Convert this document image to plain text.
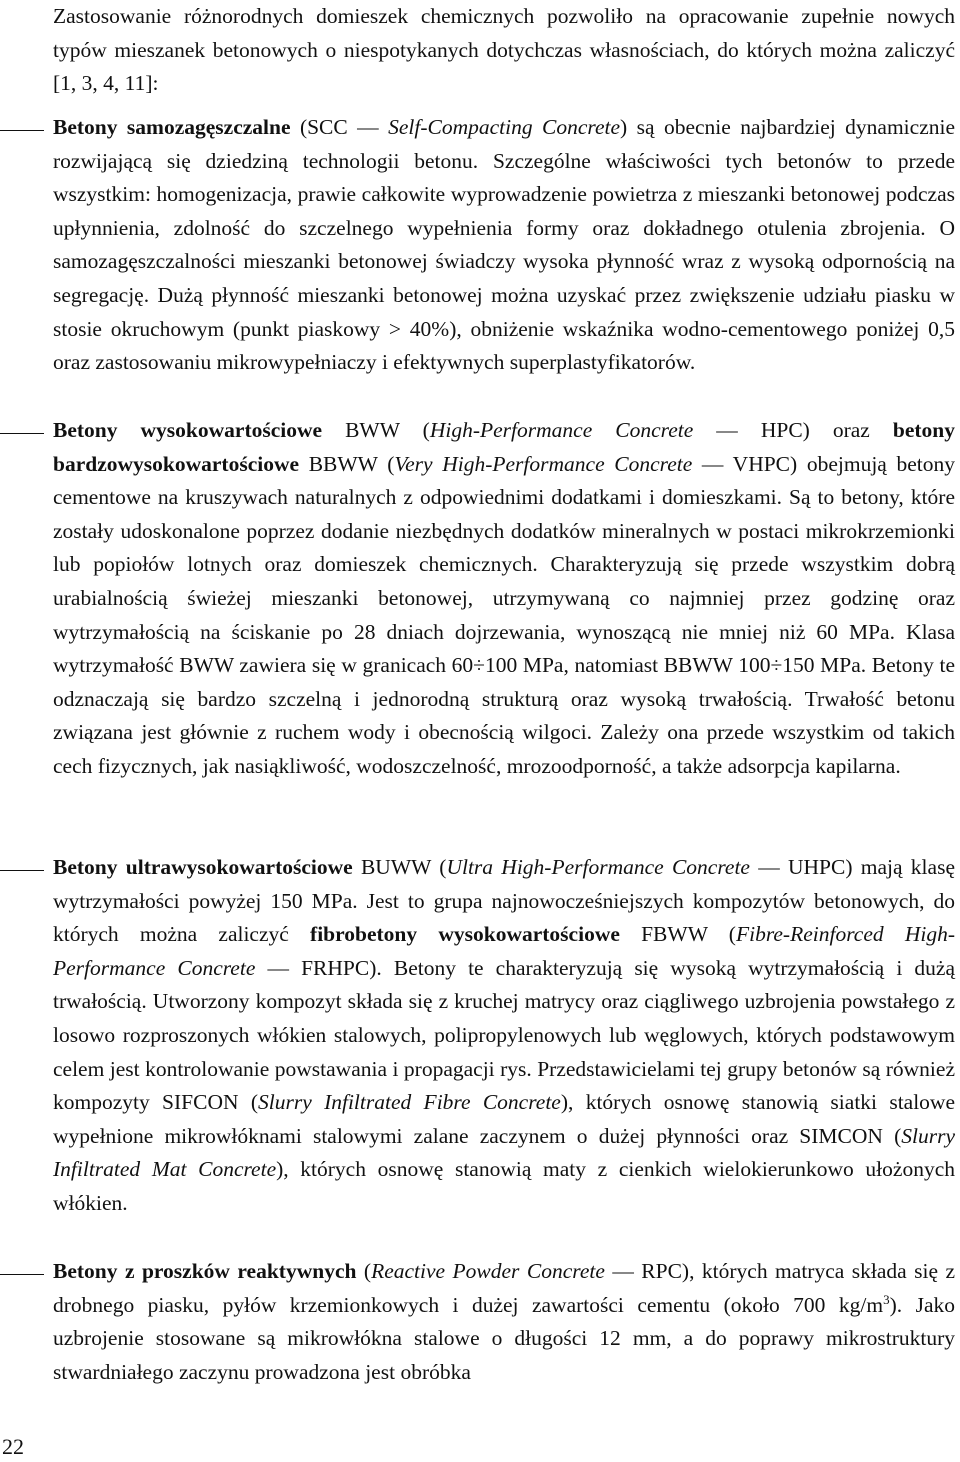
Zastosowanie różnorodnych domieszek chemicznych pozwoliło na opracowanie zupełnie nowych typów mieszanek betonowych o niespotykanych dotychczas własnościach, do których można zaliczyć [1, 3, 4, 11]:
Betony samozagęszczalne (SCC — Self-Compacting Concrete) są obecnie najbardziej dynamicznie rozwijającą się dziedziną technologii betonu. Szczególne właściwości tych betonów to przede wszystkim: homogenizacja, prawie całkowite wyprowadzenie powietrza z mieszanki betonowej podczas upłynnienia, zdolność do szczelnego wypełnienia formy oraz dokładnego otulenia zbrojenia. O samozagęszczalności mieszanki betonowej świadczy wysoka płynność wraz z wysoką odpornością na segregację. Dużą płynność mieszanki betonowej można uzyskać przez zwiększenie udziału piasku w stosie okruchowym (punkt piaskowy > 40%), obniżenie wskaźnika wodno-cementowego poniżej 0,5 oraz zastosowaniu mikrowypełniaczy i efektywnych superplastyfikatorów.
Betony wysokowartościowe BWW (High-Performance Concrete — HPC) oraz betony bardzowysokowartościowe BBWW (Very High-Performance Concrete — VHPC) obejmują betony cementowe na kruszywach naturalnych z odpowiednimi dodatkami i domieszkami. Są to betony, które zostały udoskonalone poprzez dodanie niezbędnych dodatków mineralnych w postaci mikrokrzemionki lub popiołów lotnych oraz domieszek chemicznych. Charakteryzują się przede wszystkim dobrą urabialnością świeżej mieszanki betonowej, utrzymywaną co najmniej przez godzinę oraz wytrzymałością na ściskanie po 28 dniach dojrzewania, wynoszącą nie mniej niż 60 MPa. Klasa wytrzymałość BWW zawiera się w granicach 60÷100 MPa, natomiast BBWW 100÷150 MPa. Betony te odznaczają się bardzo szczelną i jednorodną strukturą oraz wysoką trwałością. Trwałość betonu związana jest głównie z ruchem wody i obecnością wilgoci. Zależy ona przede wszystkim od takich cech fizycznych, jak nasiąkliwość, wodoszczelność, mrozoodporność, a także adsorpcja kapilarna.
Betony ultrawysokowartościowe BUWW (Ultra High-Performance Concrete — UHPC) mają klasę wytrzymałości powyżej 150 MPa. Jest to grupa najnowocześniejszych kompozytów betonowych, do których można zaliczyć fibrobetony wysokowartościowe FBWW (Fibre-Reinforced High-Performance Concrete — FRHPC). Betony te charakteryzują się wysoką wytrzymałością i dużą trwałością. Utworzony kompozyt składa się z kruchej matrycy oraz ciągliwego uzbrojenia powstałego z losowo rozproszonych włókien stalowych, polipropylenowych lub węglowych, których podstawowym celem jest kontrolowanie powstawania i propagacji rys. Przedstawicielami tej grupy betonów są również kompozyty SIFCON (Slurry Infiltrated Fibre Concrete), których osnowę stanowią siatki stalowe wypełnione mikrowłóknami stalowymi zalane zaczynem o dużej płynności oraz SIMCON (Slurry Infiltrated Mat Concrete), których osnowę stanowią maty z cienkich wielokierunkowo ułożonych włókien.
Betony z proszków reaktywnych (Reactive Powder Concrete — RPC), których matryca składa się z drobnego piasku, pyłów krzemionkowych i dużej zawartości cementu (około 700 $kg/m^3$). Jako uzbrojenie stosowane są mikrowłókna stalowe o długości 12 mm, a do poprawy mikrostruktury stwardniałego zaczynu prowadzona jest obróbka
22
